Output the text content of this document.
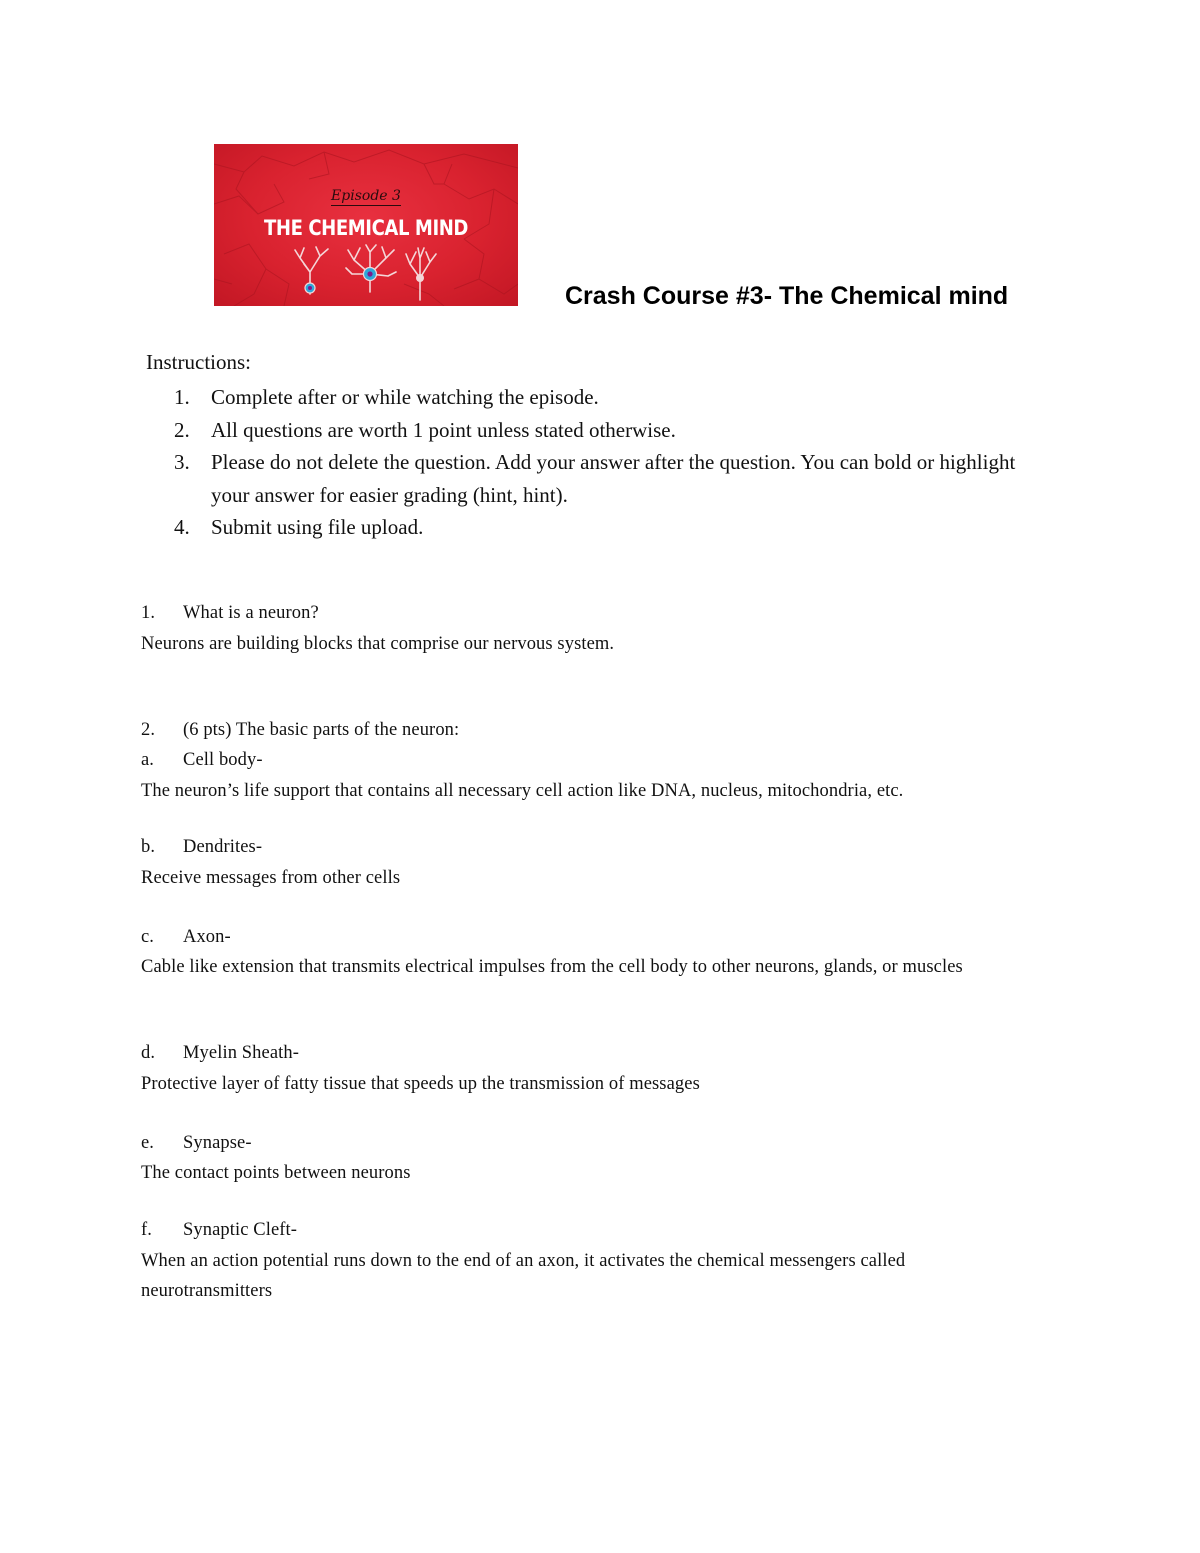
Episode 3
THE CHEMICAL MIND
Crash Course #3- The Chemical mind
Instructions:
1. Complete after or while watching the episode.
2. All questions are worth 1 point unless stated otherwise.
3. Please do not delete the question. Add your answer after the question. You can bold or highlight your answer for easier grading (hint, hint).
4. Submit using file upload.
1. What is a neuron?
Neurons are building blocks that comprise our nervous system.
2. (6 pts) The basic parts of the neuron:
a. Cell body-
The neuron’s life support that contains all necessary cell action like DNA, nucleus, mitochondria, etc.
b. Dendrites-
Receive messages from other cells
c. Axon-
Cable like extension that transmits electrical impulses from the cell body to other neurons, glands, or muscles
d. Myelin Sheath-
Protective layer of fatty tissue that speeds up the transmission of messages
e. Synapse-
The contact points between neurons
f. Synaptic Cleft-
When an action potential runs down to the end of an axon, it activates the chemical messengers called neurotransmitters
